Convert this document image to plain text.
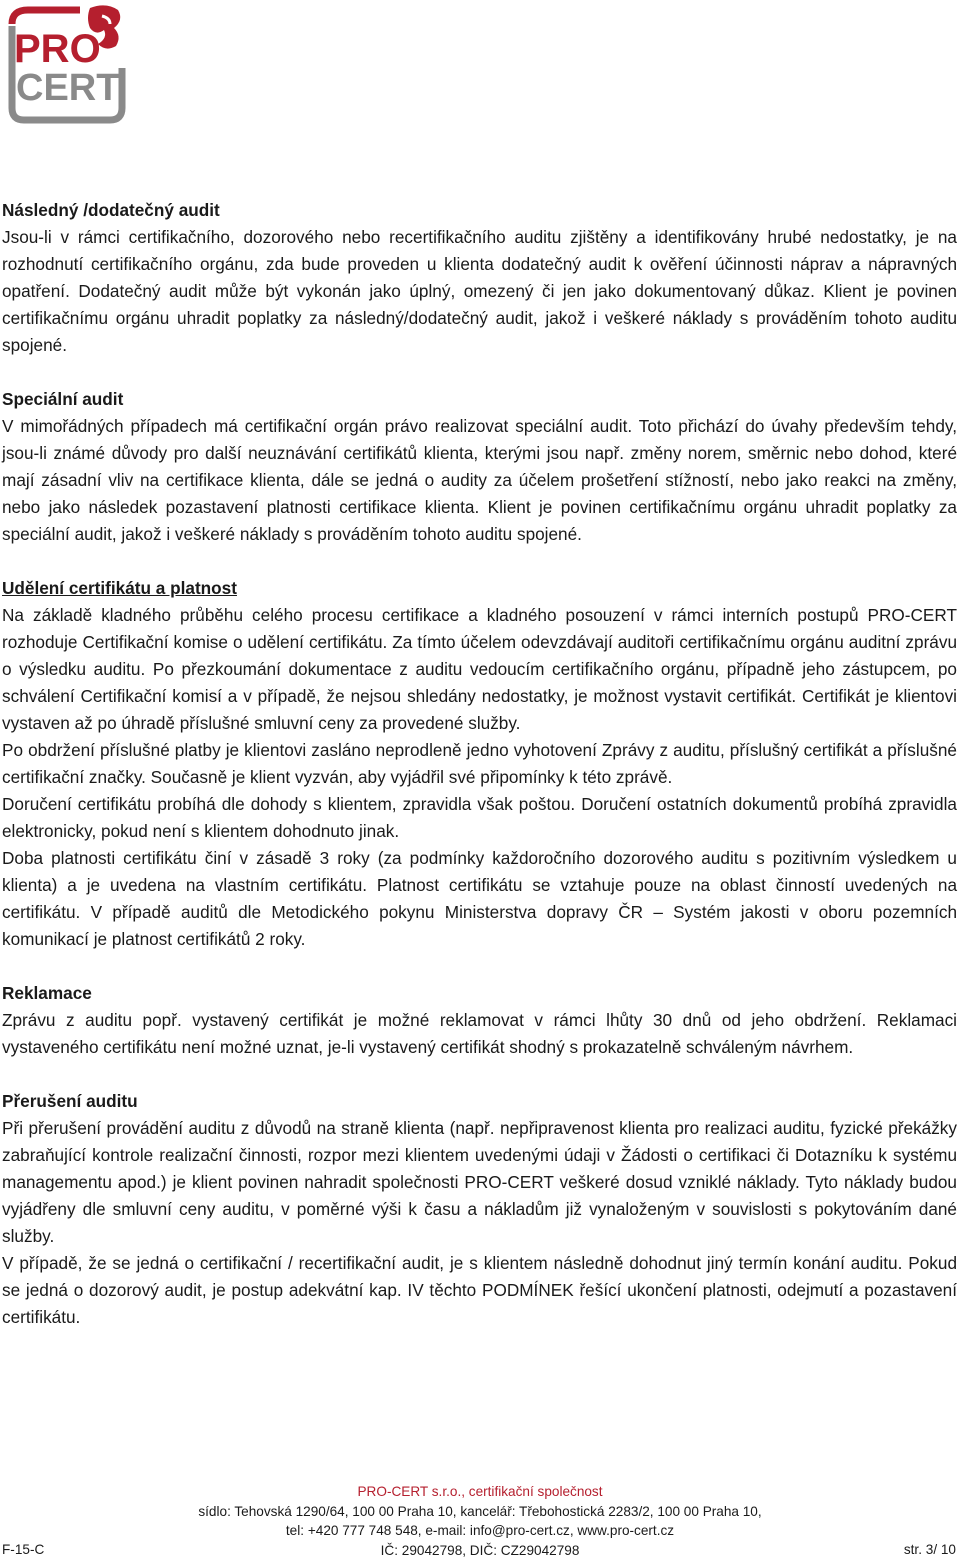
PRO
CERT

Následný /dodatečný audit

Jsou-li v rámci certifikačního, dozorového nebo recertifikačního auditu zjištěny a identifikovány hrubé nedostatky, je na rozhodnutí certifikačního orgánu, zda bude proveden u klienta dodatečný audit k ověření účinnosti náprav a nápravných opatření. Dodatečný audit může být vykonán jako úplný, omezený či jen jako dokumentovaný důkaz. Klient je povinen certifikačnímu orgánu uhradit poplatky za následný/dodatečný audit, jakož i veškeré náklady s prováděním tohoto auditu spojené.

Speciální audit

V mimořádných případech má certifikační orgán právo realizovat speciální audit. Toto přichází do úvahy především tehdy, jsou-li známé důvody pro další neuznávání certifikátů klienta, kterými jsou např. změny norem, směrnic nebo dohod, které mají zásadní vliv na certifikace klienta, dále se jedná o audity za účelem prošetření stížností, nebo jako reakci na změny, nebo jako následek pozastavení platnosti certifikace klienta. Klient je povinen certifikačnímu orgánu uhradit poplatky za speciální audit, jakož i veškeré náklady s prováděním tohoto auditu spojené.

Udělení certifikátu a platnost

Na základě kladného průběhu celého procesu certifikace a kladného posouzení v rámci interních postupů PRO-CERT rozhoduje Certifikační komise o udělení certifikátu. Za tímto účelem odevzdávají auditoři certifikačnímu orgánu auditní zprávu o výsledku auditu. Po přezkoumání dokumentace z auditu vedoucím certifikačního orgánu, případně jeho zástupcem, po schválení Certifikační komisí a v případě, že nejsou shledány nedostatky, je možnost vystavit certifikát. Certifikát je klientovi vystaven až po úhradě příslušné smluvní ceny za provedené služby.

Po obdržení příslušné platby je klientovi zasláno neprodleně jedno vyhotovení Zprávy z auditu, příslušný certifikát a příslušné certifikační značky. Současně je klient vyzván, aby vyjádřil své připomínky k této zprávě.

Doručení certifikátu probíhá dle dohody s klientem, zpravidla však poštou. Doručení ostatních dokumentů probíhá zpravidla elektronicky, pokud není s klientem dohodnuto jinak.

Doba platnosti certifikátu činí v zásadě 3 roky (za podmínky každoročního dozorového auditu s pozitivním výsledkem u klienta) a je uvedena na vlastním certifikátu. Platnost certifikátu se vztahuje pouze na oblast činností uvedených na certifikátu. V případě auditů dle Metodického pokynu Ministerstva dopravy ČR – Systém jakosti v oboru pozemních komunikací je platnost certifikátů 2 roky.

Reklamace

Zprávu z auditu popř. vystavený certifikát je možné reklamovat v rámci lhůty 30 dnů od jeho obdržení. Reklamaci vystaveného certifikátu není možné uznat, je-li vystavený certifikát shodný s prokazatelně schváleným návrhem.

Přerušení auditu

Při přerušení provádění auditu z důvodů na straně klienta (např. nepřipravenost klienta pro realizaci auditu, fyzické překážky zabraňující kontrole realizační činnosti, rozpor mezi klientem uvedenými údaji v Žádosti o certifikaci či Dotazníku k systému managementu apod.) je klient povinen nahradit společnosti PRO-CERT veškeré dosud vzniklé náklady. Tyto náklady budou vyjádřeny dle smluvní ceny auditu, v poměrné výši k času a nákladům již vynaloženým v souvislosti s pokytováním dané služby.

V případě, že se jedná o certifikační / recertifikační audit, je s klientem následně dohodnut jiný termín konání auditu. Pokud se jedná o dozorový audit, je postup adekvátní kap. IV těchto PODMÍNEK řešící ukončení platnosti, odejmutí a pozastavení certifikátu.

PRO-CERT s.r.o., certifikační společnost
sídlo: Tehovská 1290/64, 100 00 Praha 10, kancelář: Třebohostická 2283/2, 100 00 Praha 10,
tel: +420 777 748 548, e-mail: info@pro-cert.cz, www.pro-cert.cz
IČ: 29042798, DIČ: CZ29042798
F-15-C	str. 3/ 10
